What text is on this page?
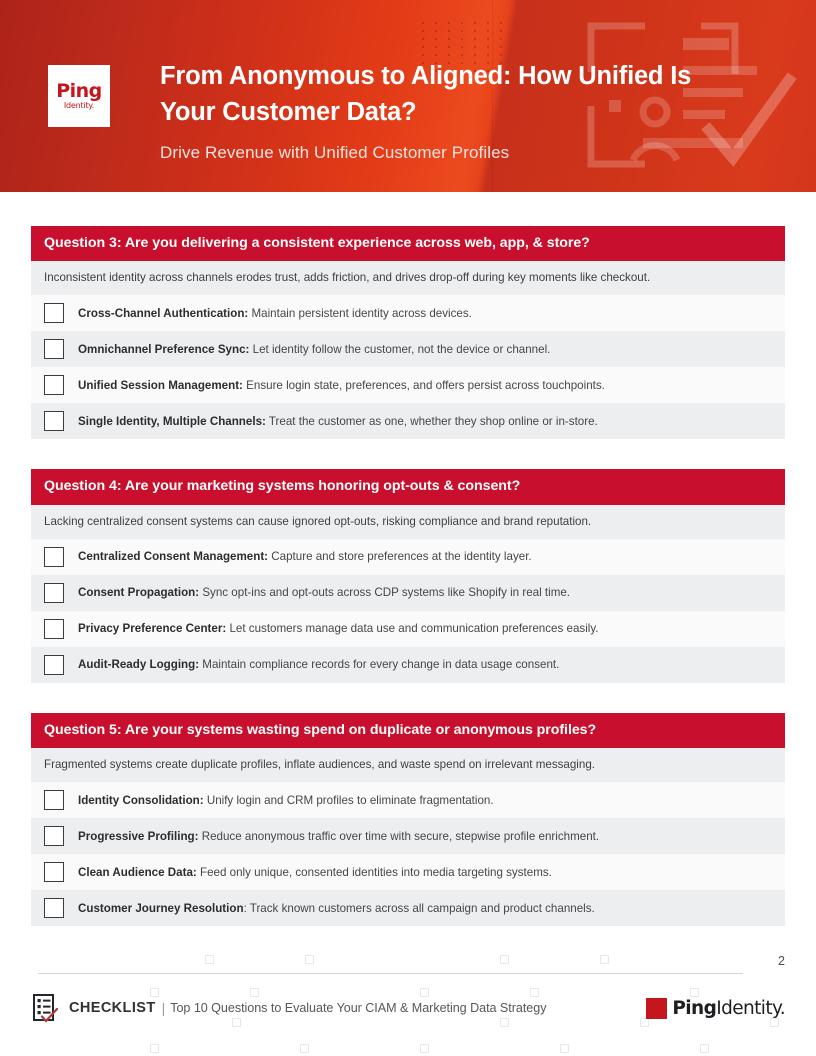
Ping
Identity.
From Anonymous to Aligned: How Unified Is Your Customer Data?
Drive Revenue with Unified Customer Profiles
Question 3: Are you delivering a consistent experience across web, app, & store?
Inconsistent identity across channels erodes trust, adds friction, and drives drop-off during key moments like checkout.
Cross-Channel Authentication: Maintain persistent identity across devices.
Omnichannel Preference Sync: Let identity follow the customer, not the device or channel.
Unified Session Management: Ensure login state, preferences, and offers persist across touchpoints.
Single Identity, Multiple Channels: Treat the customer as one, whether they shop online or in-store.
Question 4: Are your marketing systems honoring opt-outs & consent?
Lacking centralized consent systems can cause ignored opt-outs, risking compliance and brand reputation.
Centralized Consent Management: Capture and store preferences at the identity layer.
Consent Propagation: Sync opt-ins and opt-outs across CDP systems like Shopify in real time.
Privacy Preference Center: Let customers manage data use and communication preferences easily.
Audit-Ready Logging: Maintain compliance records for every change in data usage consent.
Question 5: Are your systems wasting spend on duplicate or anonymous profiles?
Fragmented systems create duplicate profiles, inflate audiences, and waste spend on irrelevant messaging.
Identity Consolidation: Unify login and CRM profiles to eliminate fragmentation.
Progressive Profiling: Reduce anonymous traffic over time with secure, stepwise profile enrichment.
Clean Audience Data: Feed only unique, consented identities into media targeting systems.
Customer Journey Resolution: Track known customers across all campaign and product channels.
2
CHECKLIST | Top 10 Questions to Evaluate Your CIAM & Marketing Data Strategy	PingIdentity.
